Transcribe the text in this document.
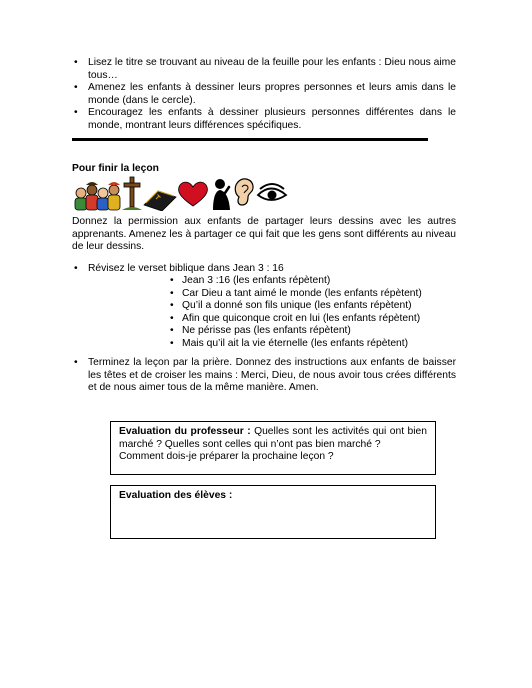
• Lisez le titre se trouvant au niveau de la feuille pour les enfants : Dieu nous aime tous…
• Amenez les enfants à dessiner leurs propres personnes et leurs amis dans le monde (dans le cercle).
• Encouragez les enfants à dessiner plusieurs personnes différentes dans le monde, montrant leurs différences spécifiques.
Pour finir la leçon
Donnez la permission aux enfants de partager leurs dessins avec les autres apprenants. Amenez les à partager ce qui fait que les gens sont différents au niveau de leur dessins.
•	Révisez le verset biblique dans Jean 3 : 16
• Jean 3 :16 (les enfants répètent)
• Car Dieu a tant aimé le monde (les enfants répètent)
• Qu’il a donné son fils unique (les enfants répètent)
• Afin que quiconque croit en lui (les enfants répètent)
• Ne périsse pas (les enfants répètent)
• Mais qu’il ait la vie éternelle (les enfants répètent)
•	Terminez la leçon par la prière. Donnez des instructions aux enfants de baisser les têtes et de croiser les mains : Merci, Dieu, de nous avoir tous crées différents et de nous aimer tous de la même manière. Amen.
Evaluation du professeur : Quelles sont les activités qui ont bien marché ? Quelles sont celles qui n’ont pas bien marché ?
Comment dois-je préparer la prochaine leçon ?
Evaluation des élèves :
